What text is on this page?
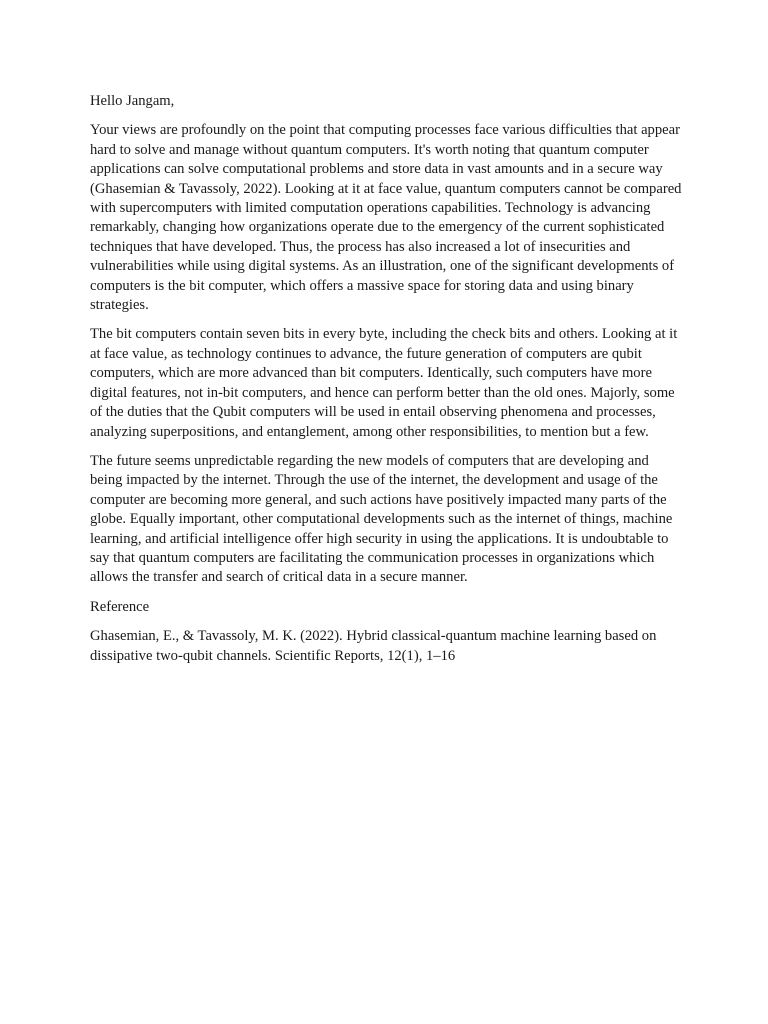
Hello Jangam,

Your views are profoundly on the point that computing processes face various difficulties that appear hard to solve and manage without quantum computers. It's worth noting that quantum computer applications can solve computational problems and store data in vast amounts and in a secure way (Ghasemian & Tavassoly, 2022). Looking at it at face value, quantum computers cannot be compared with supercomputers with limited computation operations capabilities. Technology is advancing remarkably, changing how organizations operate due to the emergency of the current sophisticated techniques that have developed. Thus, the process has also increased a lot of insecurities and vulnerabilities while using digital systems. As an illustration, one of the significant developments of computers is the bit computer, which offers a massive space for storing data and using binary strategies.

The bit computers contain seven bits in every byte, including the check bits and others. Looking at it at face value, as technology continues to advance, the future generation of computers are qubit computers, which are more advanced than bit computers. Identically, such computers have more digital features, not in-bit computers, and hence can perform better than the old ones. Majorly, some of the duties that the Qubit computers will be used in entail observing phenomena and processes, analyzing superpositions, and entanglement, among other responsibilities, to mention but a few.

The future seems unpredictable regarding the new models of computers that are developing and being impacted by the internet. Through the use of the internet, the development and usage of the computer are becoming more general, and such actions have positively impacted many parts of the globe. Equally important, other computational developments such as the internet of things, machine learning, and artificial intelligence offer high security in using the applications. It is undoubtable to say that quantum computers are facilitating the communication processes in organizations which allows the transfer and search of critical data in a secure manner.

Reference

Ghasemian, E., & Tavassoly, M. K. (2022). Hybrid classical-quantum machine learning based on dissipative two-qubit channels. Scientific Reports, 12(1), 1–16
